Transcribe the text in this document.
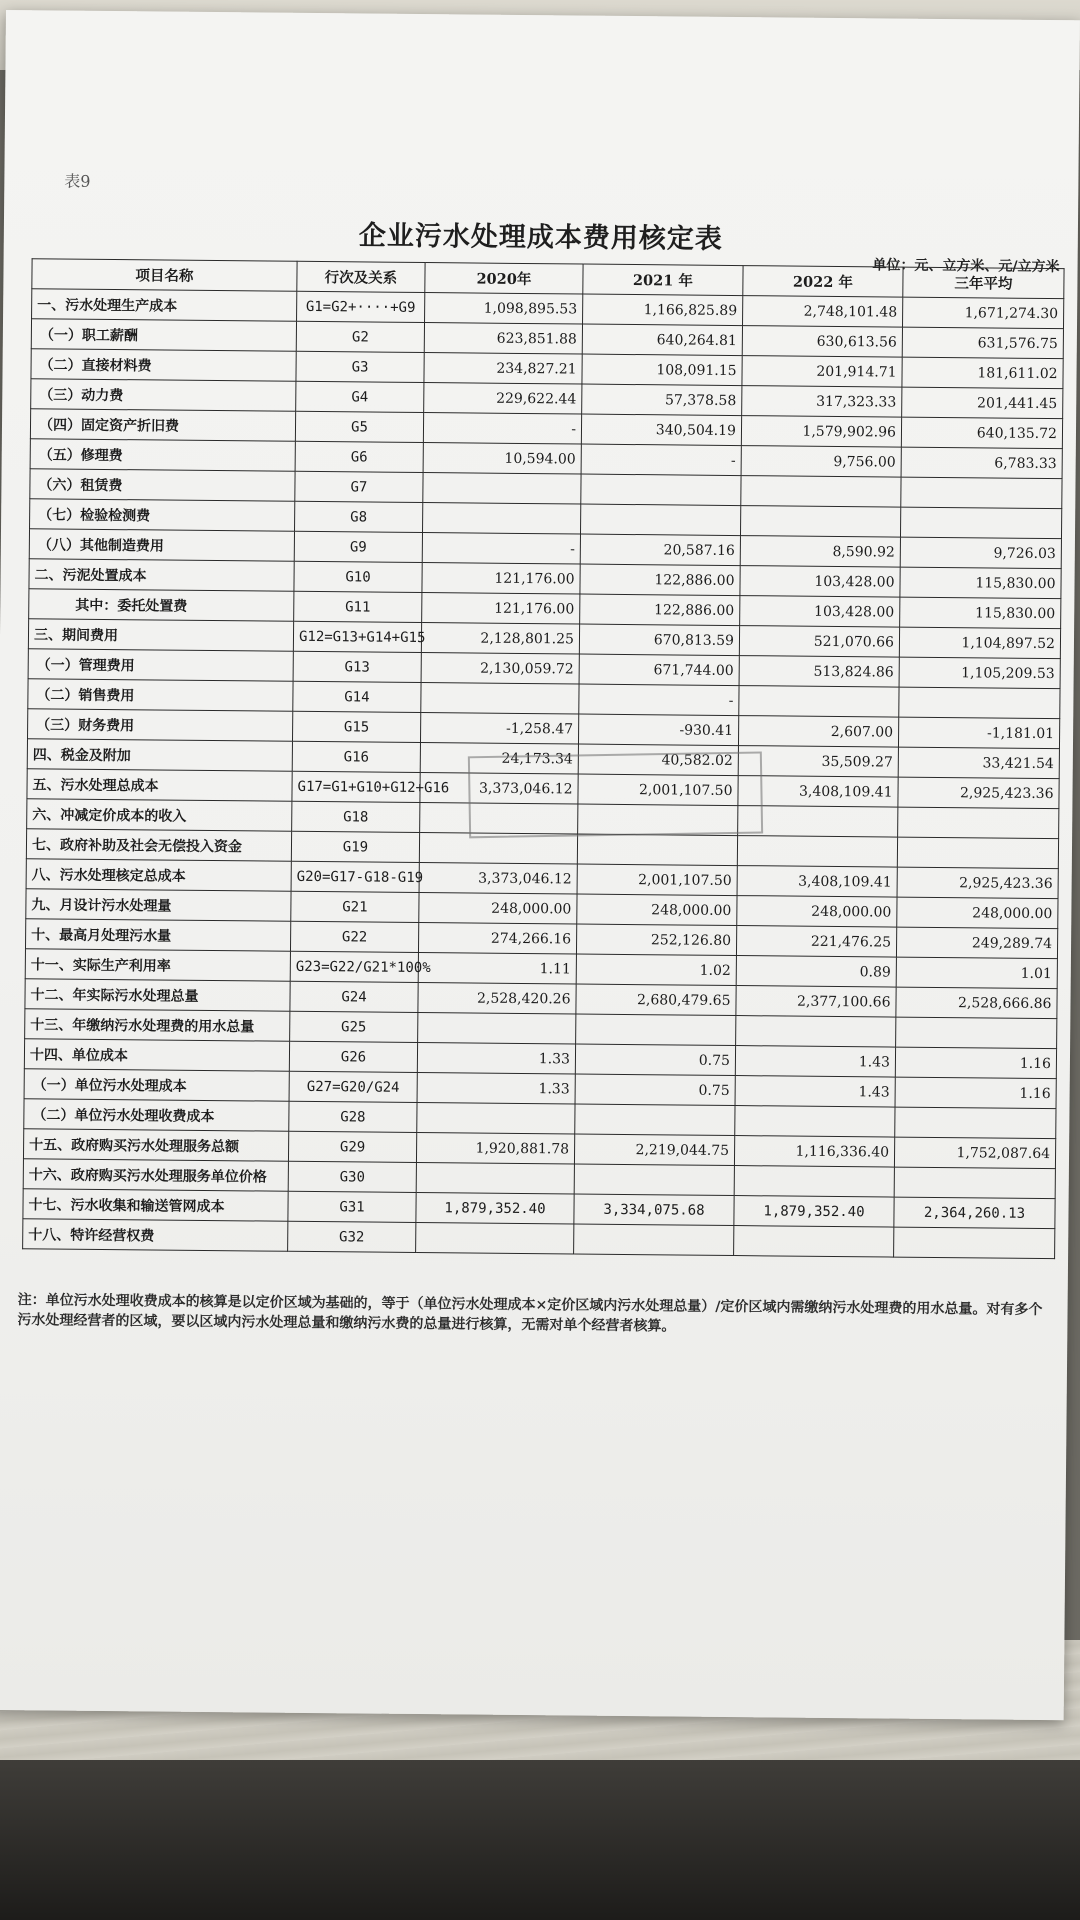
表9
企业污水处理成本费用核定表
单位：元、立方米、元/立方米
项目名称	行次及关系	2020年	2021 年	2022 年	三年平均
一、污水处理生产成本	G1=G2+····+G9	1,098,895.53	1,166,825.89	2,748,101.48	1,671,274.30
（一）职工薪酬	G2	623,851.88	640,264.81	630,613.56	631,576.75
（二）直接材料费	G3	234,827.21	108,091.15	201,914.71	181,611.02
（三）动力费	G4	229,622.44	57,378.58	317,323.33	201,441.45
（四）固定资产折旧费	G5	-	340,504.19	1,579,902.96	640,135.72
（五）修理费	G6	10,594.00	-	9,756.00	6,783.33
（六）租赁费	G7				
（七）检验检测费	G8				
（八）其他制造费用	G9	-	20,587.16	8,590.92	9,726.03
二、污泥处置成本	G10	121,176.00	122,886.00	103,428.00	115,830.00
其中：委托处置费	G11	121,176.00	122,886.00	103,428.00	115,830.00
三、期间费用	G12=G13+G14+G15	2,128,801.25	670,813.59	521,070.66	1,104,897.52
（一）管理费用	G13	2,130,059.72	671,744.00	513,824.86	1,105,209.53
（二）销售费用	G14		-		
（三）财务费用	G15	-1,258.47	-930.41	2,607.00	-1,181.01
四、税金及附加	G16	24,173.34	40,582.02	35,509.27	33,421.54
五、污水处理总成本	G17=G1+G10+G12+G16	3,373,046.12	2,001,107.50	3,408,109.41	2,925,423.36
六、冲减定价成本的收入	G18				
七、政府补助及社会无偿投入资金	G19				
八、污水处理核定总成本	G20=G17-G18-G19	3,373,046.12	2,001,107.50	3,408,109.41	2,925,423.36
九、月设计污水处理量	G21	248,000.00	248,000.00	248,000.00	248,000.00
十、最高月处理污水量	G22	274,266.16	252,126.80	221,476.25	249,289.74
十一、实际生产利用率	G23=G22/G21*100%	1.11	1.02	0.89	1.01
十二、年实际污水处理总量	G24	2,528,420.26	2,680,479.65	2,377,100.66	2,528,666.86
十三、年缴纳污水处理费的用水总量	G25				
十四、单位成本	G26	1.33	0.75	1.43	1.16
（一）单位污水处理成本	G27=G20/G24	1.33	0.75	1.43	1.16
（二）单位污水处理收费成本	G28				
十五、政府购买污水处理服务总额	G29	1,920,881.78	2,219,044.75	1,116,336.40	1,752,087.64
十六、政府购买污水处理服务单位价格	G30				
十七、污水收集和输送管网成本	G31	1,879,352.40	3,334,075.68	1,879,352.40	2,364,260.13
十八、特许经营权费	G32				
注：单位污水处理收费成本的核算是以定价区域为基础的，等于（单位污水处理成本×定价区域内污水处理总量）/定价区域内需缴纳污水处理费的用水总量。对有多个污水处理经营者的区域，要以区域内污水处理总量和缴纳污水费的总量进行核算，无需对单个经营者核算。
